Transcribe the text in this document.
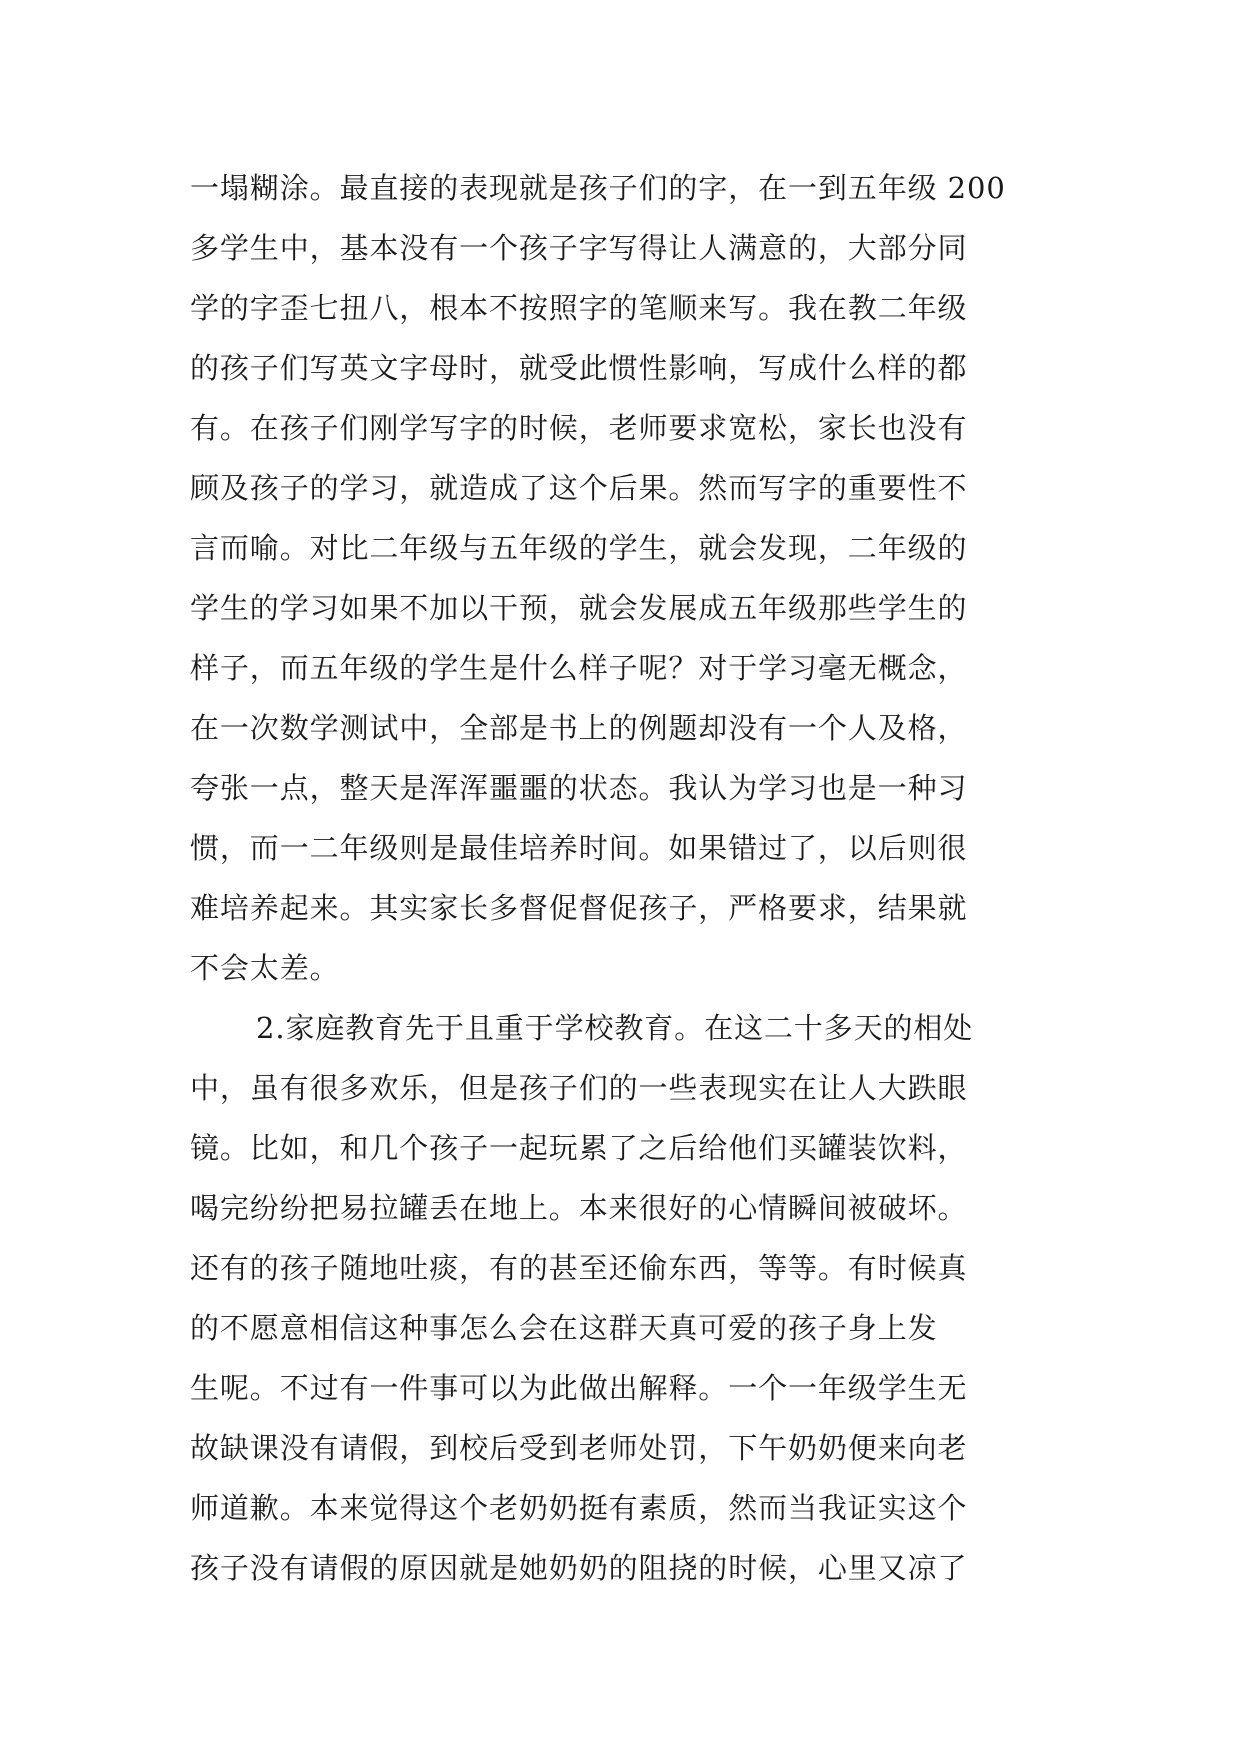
一塌糊涂。最直接的表现就是孩子们的字，在一到五年级 200
多学生中，基本没有一个孩子字写得让人满意的，大部分同
学的字歪七扭八，根本不按照字的笔顺来写。我在教二年级
的孩子们写英文字母时，就受此惯性影响，写成什么样的都
有。在孩子们刚学写字的时候，老师要求宽松，家长也没有
顾及孩子的学习，就造成了这个后果。然而写字的重要性不
言而喻。对比二年级与五年级的学生，就会发现，二年级的
学生的学习如果不加以干预，就会发展成五年级那些学生的
样子，而五年级的学生是什么样子呢？对于学习毫无概念，
在一次数学测试中，全部是书上的例题却没有一个人及格，
夸张一点，整天是浑浑噩噩的状态。我认为学习也是一种习
惯，而一二年级则是最佳培养时间。如果错过了，以后则很
难培养起来。其实家长多督促督促孩子，严格要求，结果就
不会太差。
2.家庭教育先于且重于学校教育。在这二十多天的相处
中，虽有很多欢乐，但是孩子们的一些表现实在让人大跌眼
镜。比如，和几个孩子一起玩累了之后给他们买罐装饮料，
喝完纷纷把易拉罐丢在地上。本来很好的心情瞬间被破坏。
还有的孩子随地吐痰，有的甚至还偷东西，等等。有时候真
的不愿意相信这种事怎么会在这群天真可爱的孩子身上发
生呢。不过有一件事可以为此做出解释。一个一年级学生无
故缺课没有请假，到校后受到老师处罚，下午奶奶便来向老
师道歉。本来觉得这个老奶奶挺有素质，然而当我证实这个
孩子没有请假的原因就是她奶奶的阻挠的时候，心里又凉了
